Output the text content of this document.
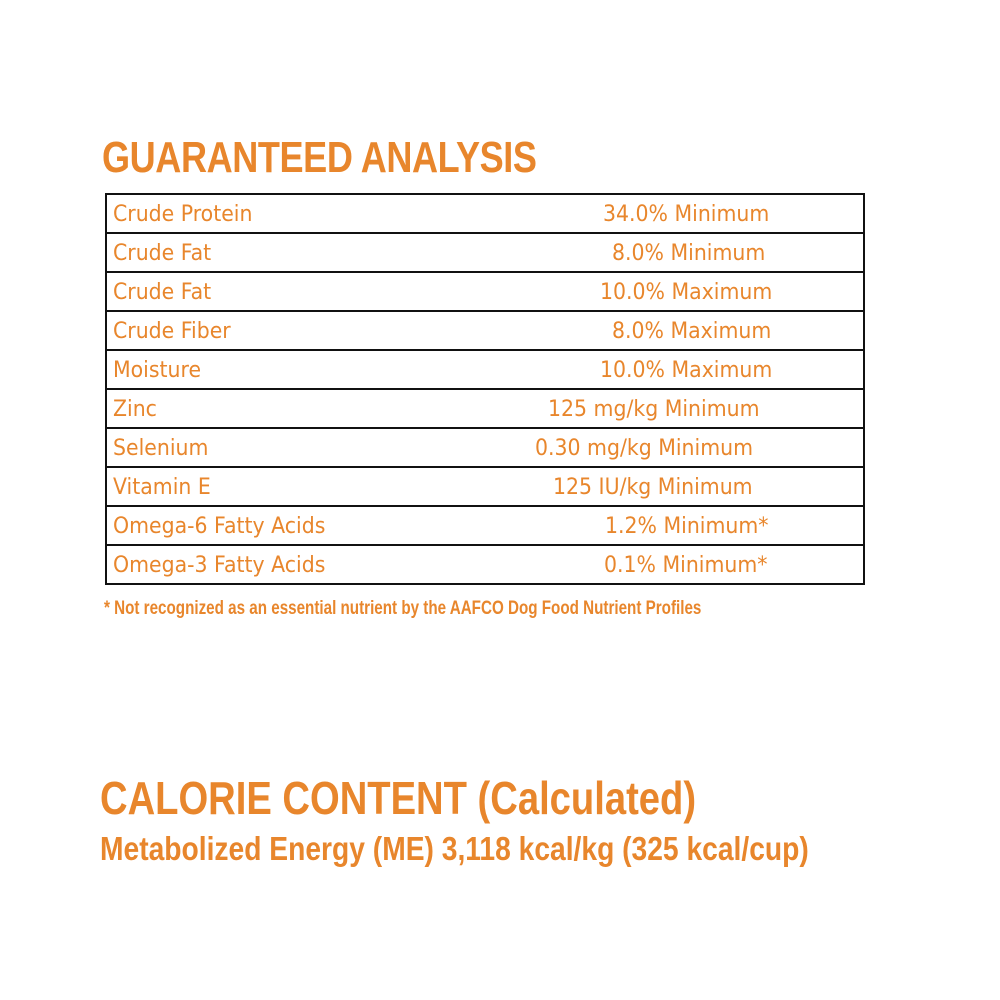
GUARANTEED ANALYSIS
Crude Protein	34.0% Minimum
Crude Fat	8.0% Minimum
Crude Fat	10.0% Maximum
Crude Fiber	8.0% Maximum
Moisture	10.0% Maximum
Zinc	125 mg/kg Minimum
Selenium	0.30 mg/kg Minimum
Vitamin E	125 IU/kg Minimum
Omega-6 Fatty Acids	1.2% Minimum*
Omega-3 Fatty Acids	0.1% Minimum*
* Not recognized as an essential nutrient by the AAFCO Dog Food Nutrient Profiles
CALORIE CONTENT (Calculated)
Metabolized Energy (ME) 3,118 kcal/kg (325 kcal/cup)
